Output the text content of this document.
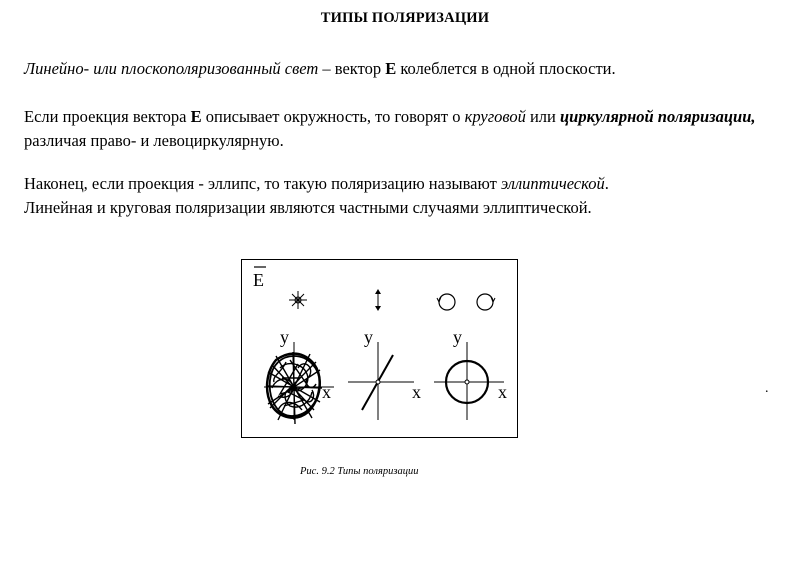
ТИПЫ ПОЛЯРИЗАЦИИ
Линейно- или плоскополяризованный свет – вектор E колеблется в одной плоскости.
Если проекция вектора E описывает окружность, то говорят о круговой или циркулярной поляризации, различая право- и левоциркулярную.
Наконец, если проекция - эллипс, то такую поляризацию называют эллиптической.
Линейная и круговая поляризации являются частными случаями эллиптической.
E
y
x
y
x
y
x
Рис. 9.2 Типы поляризации
.
